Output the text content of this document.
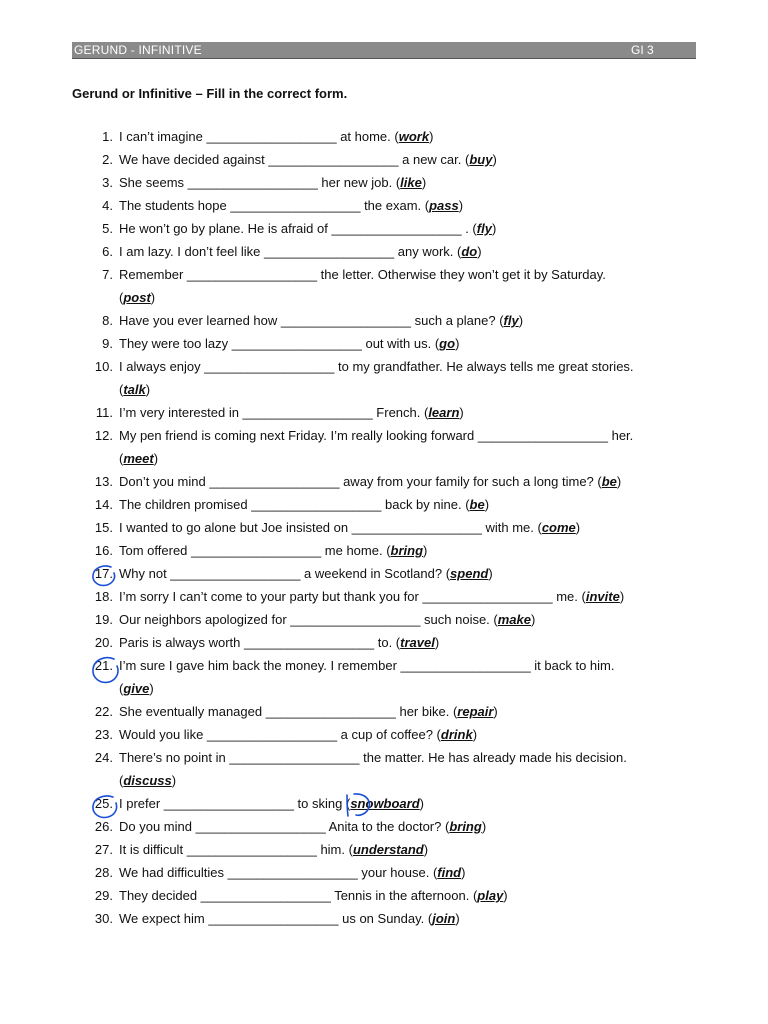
GERUND - INFINITIVE	GI 3
Gerund or Infinitive – Fill in the correct form.
1. I can’t imagine __________________ at home. (work)
2. We have decided against __________________ a new car. (buy)
3. She seems __________________ her new job. (like)
4. The students hope __________________ the exam. (pass)
5. He won’t go by plane. He is afraid of __________________ . (fly)
6. I am lazy. I don’t feel like __________________ any work. (do)
7. Remember __________________ the letter. Otherwise they won’t get it by Saturday.
(post)
8. Have you ever learned how __________________ such a plane? (fly)
9. They were too lazy __________________ out with us. (go)
10. I always enjoy __________________ to my grandfather. He always tells me great stories.
(talk)
11. I’m very interested in __________________ French. (learn)
12. My pen friend is coming next Friday. I’m really looking forward __________________ her.
(meet)
13. Don’t you mind __________________ away from your family for such a long time? (be)
14. The children promised __________________ back by nine. (be)
15. I wanted to go alone but Joe insisted on __________________ with me. (come)
16. Tom offered __________________ me home. (bring)
17. Why not __________________ a weekend in Scotland? (spend)
18. I’m sorry I can’t come to your party but thank you for __________________ me. (invite)
19. Our neighbors apologized for __________________ such noise. (make)
20. Paris is always worth __________________ to. (travel)
21. I’m sure I gave him back the money. I remember __________________ it back to him.
(give)
22. She eventually managed __________________ her bike. (repair)
23. Would you like __________________ a cup of coffee? (drink)
24. There’s no point in __________________ the matter. He has already made his decision.
(discuss)
25. I prefer __________________ to sking (snowboard)
26. Do you mind __________________ Anita to the doctor? (bring)
27. It is difficult __________________ him. (understand)
28. We had difficulties __________________ your house. (find)
29. They decided __________________ Tennis in the afternoon. (play)
30. We expect him __________________ us on Sunday. (join)
